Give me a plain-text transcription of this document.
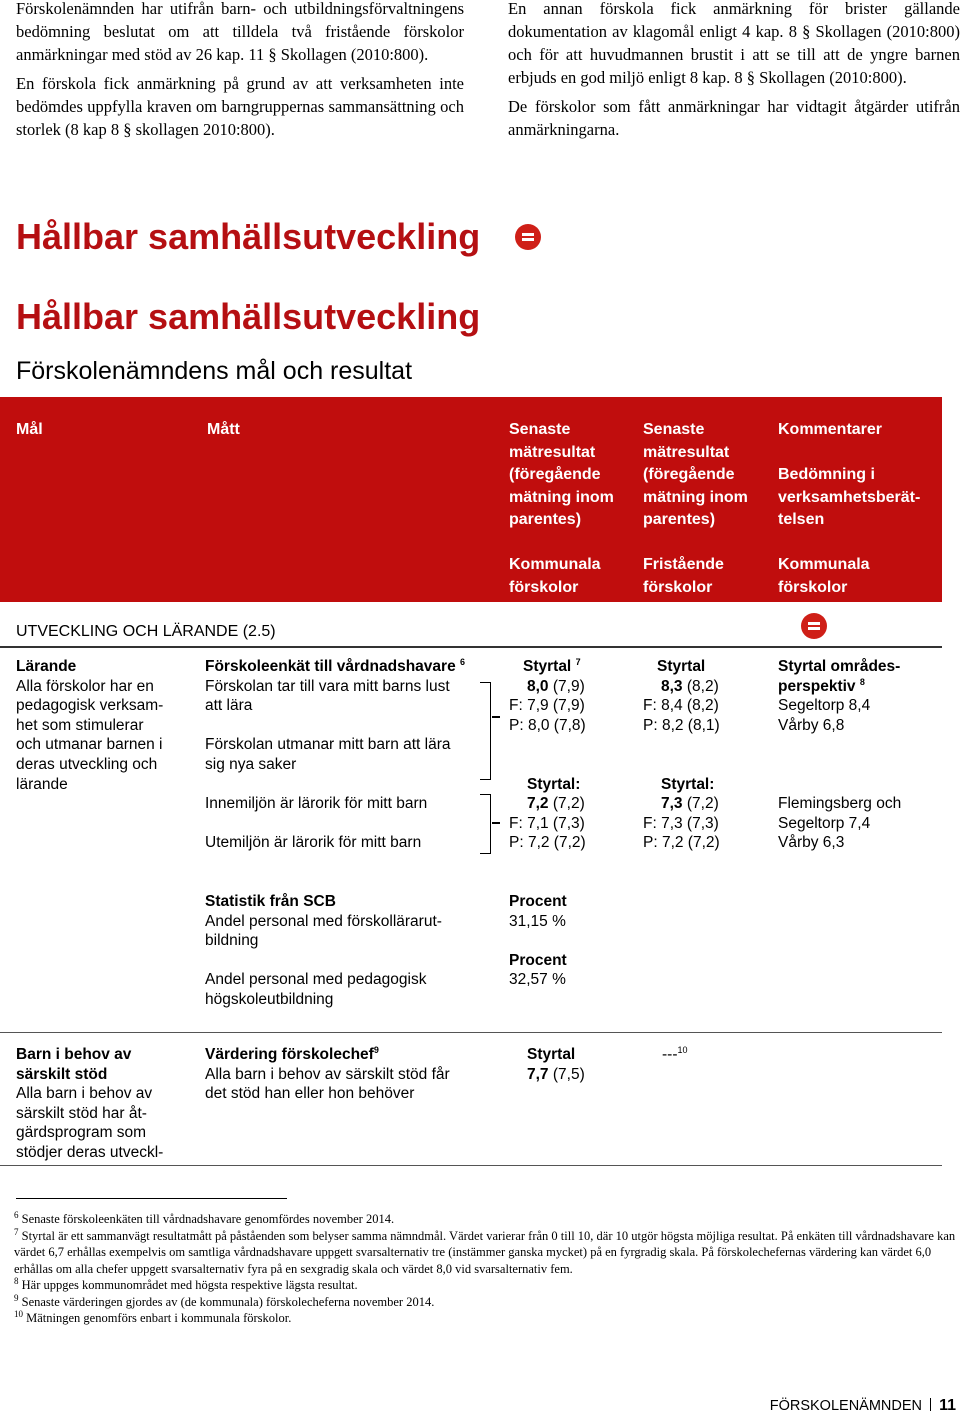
Förskolenämnden har utifrån barn- och utbildningsförvaltningens bedömning beslutat om att tilldela två fristående förskolor anmärkningar med stöd av 26 kap. 11 § Skollagen (2010:800).

En förskola fick anmärkning på grund av att verksamheten inte bedömdes uppfylla kraven om barngruppernas sammansättning och storlek (8 kap 8 § skollagen 2010:800).

En annan förskola fick anmärkning för brister gällande dokumentation av klagomål enligt 4 kap. 8 § Skollagen (2010:800) och för att huvudmannen brustit i att se till att de yngre barnen erbjuds en god miljö enligt 8 kap. 8 § Skollagen (2010:800).

De förskolor som fått anmärkningar har vidtagit åtgärder utifrån anmärkningarna.

Hållbar samhällsutveckling

Hållbar samhällsutveckling
Förskolenämndens mål och resultat
Mål	Mått	Senaste
mätresultat
(föregående
mätning inom
parentes)
Senaste
mätresultat
(föregående
mätning inom
parentes)
Kommentarer
Bedömning i
verksamhetsberät-
telsen
Kommunala
förskolor
Fristående
förskolor
Kommunala
förskolor
UTVECKLING OCH LÄRANDE (2.5)
Lärande
Alla förskolor har en
pedagogisk verksam-
het som stimulerar
och utmanar barnen i
deras utveckling och
lärande
Förskoleenkät till vårdnadshavare $^6$
Förskolan tar till vara mitt barns lust
att lära
Förskolan utmanar mitt barn att lära
sig nya saker
Innemiljön är lärorik för mitt barn
Utemiljön är lärorik för mitt barn
Styrtal $^7$
8,0 (7,9)
F: 7,9 (7,9)
P: 8,0 (7,8)
Styrtal:
7,2 (7,2)
F: 7,1 (7,3)
P: 7,2 (7,2)
Styrtal
8,3 (8,2)
F: 8,4 (8,2)
P: 8,2 (8,1)
Styrtal:
7,3 (7,2)
F: 7,3 (7,3)
P: 7,2 (7,2)
Styrtal områdes-
perspektiv $^8$
Segeltorp 8,4
Vårby 6,8
Flemingsberg och
Segeltorp 7,4
Vårby 6,3
Statistik från SCB
Andel personal med förskollärarut-
bildning
Andel personal med pedagogisk
högskoleutbildning
Procent
31,15 %
Procent
32,57 %
Barn i behov av
särskilt stöd
Alla barn i behov av
särskilt stöd har åt-
gärdsprogram som
stödjer deras utveckl-
Värdering förskolechef$^9$
Alla barn i behov av särskilt stöd får
det stöd han eller hon behöver
Styrtal
7,7 (7,5)
---$^{10}$
$^6$ Senaste förskoleenkäten till vårdnadshavare genomfördes november 2014.
$^7$ Styrtal är ett sammanvägt resultatmått på påståenden som belyser samma nämndmål. Värdet varierar från 0 till 10, där 10 utgör högsta möjliga resultat. På enkäten till vårdnadshavare kan värdet 6,7 erhållas exempelvis om samtliga vårdnadshavare uppgett svarsalternativ tre (instämmer ganska mycket) på en fyrgradig skala. På förskolechefernas värdering kan värdet 6,0 erhållas om alla chefer uppgett svarsalternativ fyra på en sexgradig skala och värdet 8,0 vid svarsalternativ fem.
$^8$ Här uppges kommunområdet med högsta respektive lägsta resultat.
$^9$ Senaste värderingen gjordes av (de kommunala) förskolecheferna november 2014.
$^{10}$ Mätningen genomförs enbart i kommunala förskolor.
FÖRSKOLENÄMNDEN 11
